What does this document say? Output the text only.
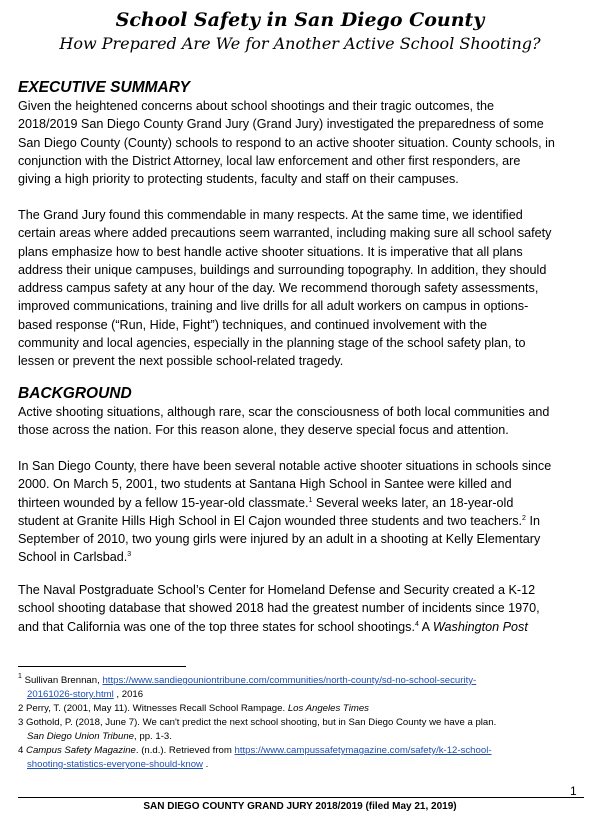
School Safety in San Diego County
How Prepared Are We for Another Active School Shooting?
EXECUTIVE SUMMARY
Given the heightened concerns about school shootings and their tragic outcomes, the
2018/2019 San Diego County Grand Jury (Grand Jury) investigated the preparedness of some
San Diego County (County) schools to respond to an active shooter situation. County schools, in
conjunction with the District Attorney, local law enforcement and other first responders, are
giving a high priority to protecting students, faculty and staff on their campuses.
The Grand Jury found this commendable in many respects. At the same time, we identified
certain areas where added precautions seem warranted, including making sure all school safety
plans emphasize how to best handle active shooter situations. It is imperative that all plans
address their unique campuses, buildings and surrounding topography. In addition, they should
address campus safety at any hour of the day. We recommend thorough safety assessments,
improved communications, training and live drills for all adult workers on campus in options-
based response (“Run, Hide, Fight”) techniques, and continued involvement with the
community and local agencies, especially in the planning stage of the school safety plan, to
lessen or prevent the next possible school-related tragedy.
BACKGROUND
Active shooting situations, although rare, scar the consciousness of both local communities and
those across the nation. For this reason alone, they deserve special focus and attention.
In San Diego County, there have been several notable active shooter situations in schools since
2000. On March 5, 2001, two students at Santana High School in Santee were killed and
thirteen wounded by a fellow 15-year-old classmate.$^1$ Several weeks later, an 18-year-old
student at Granite Hills High School in El Cajon wounded three students and two teachers.$^2$ In
September of 2010, two young girls were injured by an adult in a shooting at Kelly Elementary
School in Carlsbad.$^3$
The Naval Postgraduate School’s Center for Homeland Defense and Security created a K-12
school shooting database that showed 2018 had the greatest number of incidents since 1970,
and that California was one of the top three states for school shootings.$^4$ A Washington Post
$^1$ Sullivan Brennan, https://www.sandiegouniontribune.com/communities/north-county/sd-no-school-security-
20161026-story.html , 2016
2 Perry, T. (2001, May 11). Witnesses Recall School Rampage. Los Angeles Times
3 Gothold, P. (2018, June 7). We can't predict the next school shooting, but in San Diego County we have a plan.
San Diego Union Tribune, pp. 1-3.
4 Campus Safety Magazine. (n.d.). Retrieved from https://www.campussafetymagazine.com/safety/k-12-school-
shooting-statistics-everyone-should-know .
1
SAN DIEGO COUNTY GRAND JURY 2018/2019 (filed May 21, 2019)
